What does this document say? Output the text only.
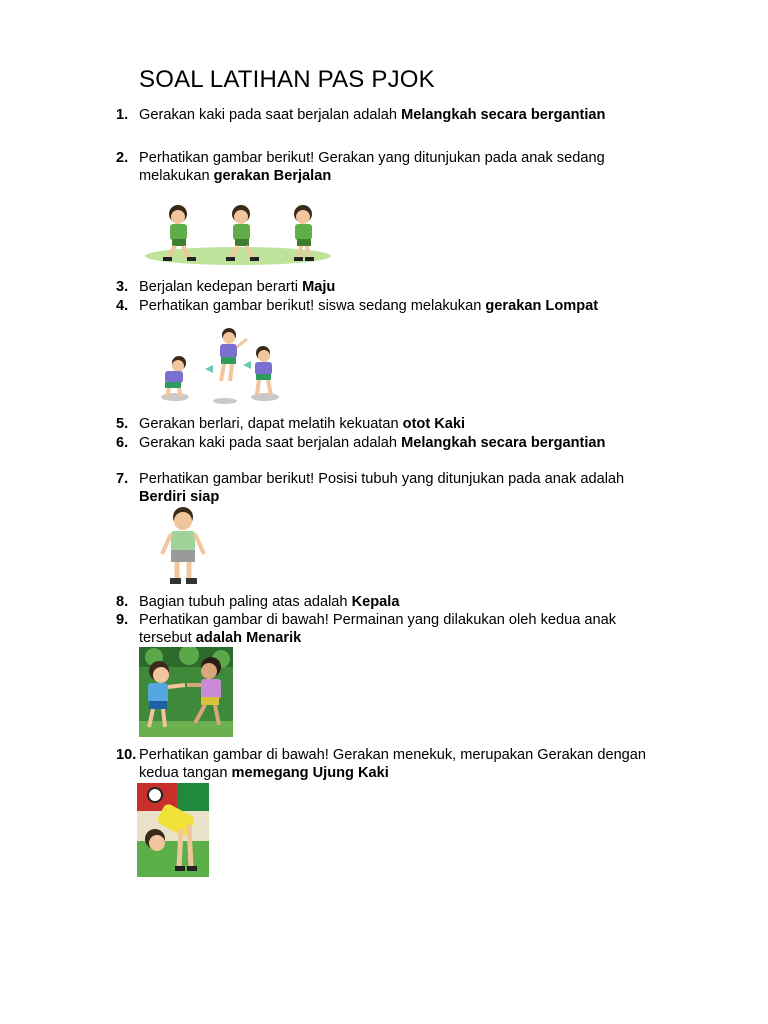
SOAL LATIHAN PAS PJOK
1. Gerakan kaki pada saat berjalan adalah Melangkah secara bergantian
2. Perhatikan gambar berikut! Gerakan yang ditunjukan pada anak sedang melakukan gerakan Berjalan
3. Berjalan kedepan berarti Maju
4. Perhatikan gambar berikut! siswa sedang melakukan gerakan Lompat
5. Gerakan berlari, dapat melatih kekuatan otot Kaki
6. Gerakan kaki pada saat berjalan adalah Melangkah secara bergantian
7. Perhatikan gambar berikut! Posisi tubuh yang ditunjukan pada anak adalah Berdiri siap
8. Bagian tubuh paling atas adalah Kepala
9. Perhatikan gambar di bawah! Permainan yang dilakukan oleh kedua anak tersebut adalah Menarik
10. Perhatikan gambar di bawah! Gerakan menekuk, merupakan Gerakan dengan kedua tangan memegang Ujung Kaki
